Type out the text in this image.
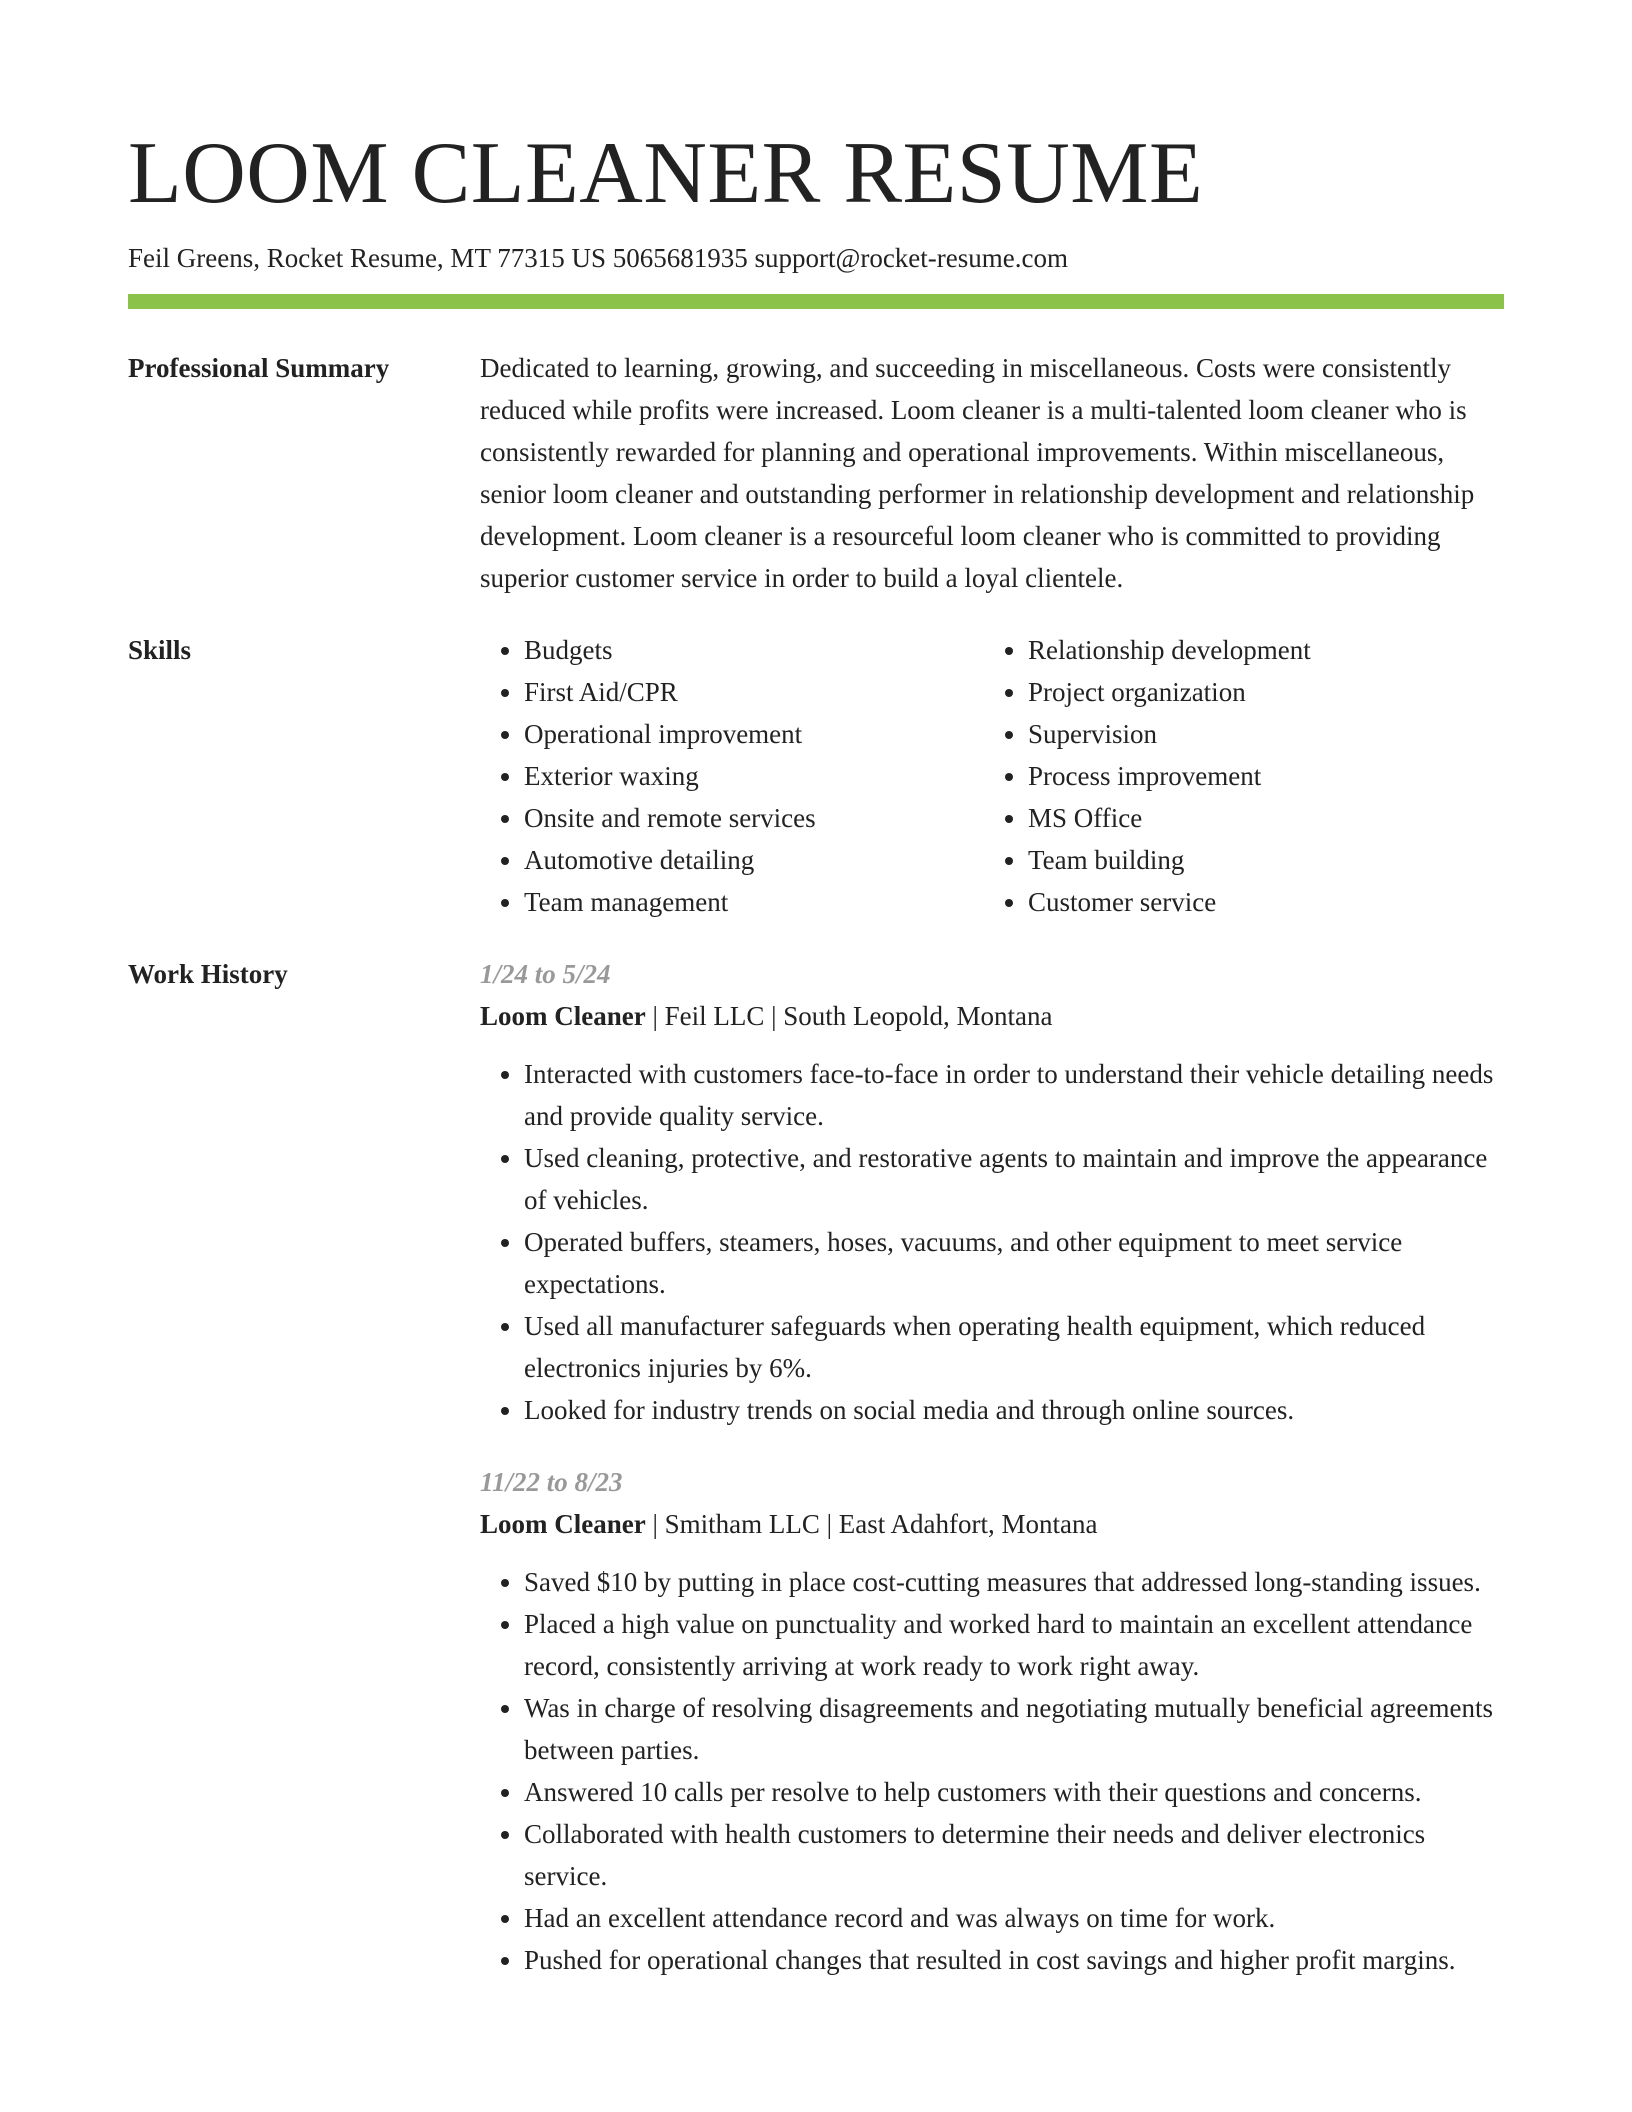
LOOM CLEANER RESUME
Feil Greens, Rocket Resume, MT 77315 US 5065681935 support@rocket-resume.com
Professional Summary	Dedicated to learning, growing, and succeeding in miscellaneous. Costs were consistently reduced while profits were increased. Loom cleaner is a multi-talented loom cleaner who is consistently rewarded for planning and operational improvements. Within miscellaneous, senior loom cleaner and outstanding performer in relationship development and relationship development. Loom cleaner is a resourceful loom cleaner who is committed to providing superior customer service in order to build a loyal clientele.

Skills
•	Budgets
• First Aid/CPR
• Operational improvement
• Exterior waxing
• Onsite and remote services
• Automotive detailing
• Team management
• Relationship development
• Project organization
• Supervision
• Process improvement
• MS Office
• Team building
• Customer service
Work History	1/24 to 5/24
Loom Cleaner | Feil LLC | South Leopold, Montana
• Interacted with customers face-to-face in order to understand their vehicle detailing needs and provide quality service.
• Used cleaning, protective, and restorative agents to maintain and improve the appearance of vehicles.
• Operated buffers, steamers, hoses, vacuums, and other equipment to meet service expectations.
• Used all manufacturer safeguards when operating health equipment, which reduced electronics injuries by 6%.
• Looked for industry trends on social media and through online sources.
11/22 to 8/23
Loom Cleaner | Smitham LLC | East Adahfort, Montana
• Saved $10 by putting in place cost-cutting measures that addressed long-standing issues.
• Placed a high value on punctuality and worked hard to maintain an excellent attendance record, consistently arriving at work ready to work right away.
• Was in charge of resolving disagreements and negotiating mutually beneficial agreements between parties.
• Answered 10 calls per resolve to help customers with their questions and concerns.
• Collaborated with health customers to determine their needs and deliver electronics service.
• Had an excellent attendance record and was always on time for work.
• Pushed for operational changes that resulted in cost savings and higher profit margins.
